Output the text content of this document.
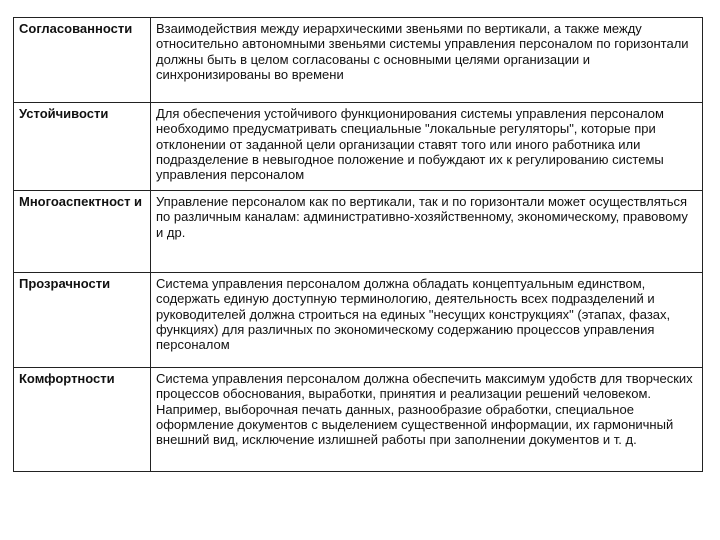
Согласованности	Взаимодействия между иерархическими звеньями по вертикали, а также между относительно автономными звеньями системы управления персоналом по горизонтали должны быть в целом согласованы с основными целями организации и синхронизированы во времени
Устойчивости	Для обеспечения устойчивого функционирования системы управления персоналом необходимо предусматривать специальные "локальные регуляторы", которые при отклонении от заданной цели организации ставят того или иного работника или подразделение в невыгодное положение и побуждают их к регулированию системы управления персоналом
Многоаспектност и	Управление персоналом как по вертикали, так и по горизонтали может осуществляться по различным каналам: административно-хозяйственному, экономическому, правовому и др.
Прозрачности	Система управления персоналом должна обладать концептуальным единством, содержать единую доступную терминологию, деятельность всех подразделений и руководителей должна строиться на единых "несущих конструкциях" (этапах, фазах, функциях) для различных по экономическому содержанию процессов управления персоналом
Комфортности	Система управления персоналом должна обеспечить максимум удобств для творческих процессов обоснования, выработки, принятия и реализации решений человеком. Например, выборочная печать данных, разнообразие обработки, специальное оформление документов с выделением существенной информации, их гармоничный внешний вид, исключение излишней работы при заполнении документов и т. д.
